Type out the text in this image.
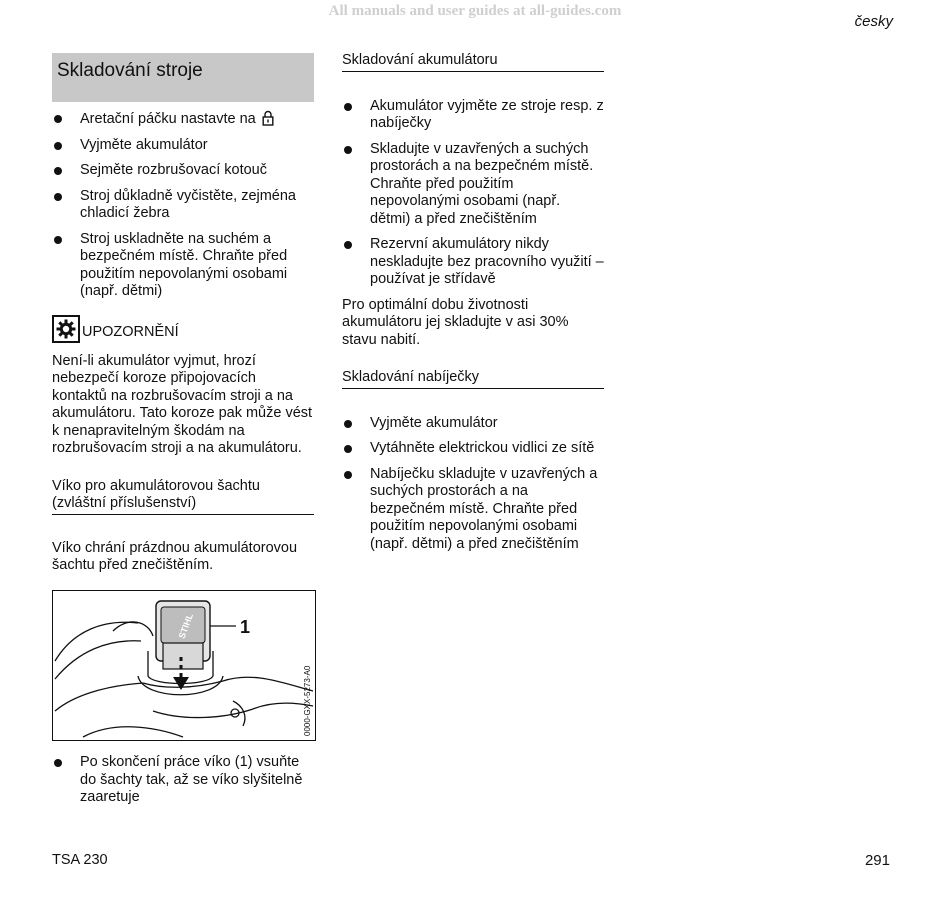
All manuals and user guides at all-guides.com
česky
Skladování stroje
Aretační páčku nastavte na
Vyjměte akumulátor
Sejměte rozbrušovací kotouč
Stroj důkladně vyčistěte, zejména chladicí žebra
Stroj uskladněte na suchém a bezpečném místě. Chraňte před použitím nepovolanými osobami (např. dětmi)
UPOZORNĚNÍ
Není-li akumulátor vyjmut, hrozí nebezpečí koroze připojovacích kontaktů na rozbrušovacím stroji a na akumulátoru. Tato koroze pak může vést k nenapravitelným škodám na rozbrušovacím stroji a na akumulátoru.
Víko pro akumulátorovou šachtu (zvláštní příslušenství)
Víko chrání prázdnou akumulátorovou šachtu před znečištěním.
STIHL	1
0000-GXX-5273-A0
Po skončení práce víko (1) vsuňte do šachty tak, až se víko slyšitelně zaaretuje
Skladování akumulátoru
Akumulátor vyjměte ze stroje resp. z nabíječky
Skladujte v uzavřených a suchých prostorách a na bezpečném místě. Chraňte před použitím nepovolanými osobami (např. dětmi) a před znečištěním
Rezervní akumulátory nikdy neskladujte bez pracovního využití – používat je střídavě
Pro optimální dobu životnosti akumulátoru jej skladujte v asi 30% stavu nabití.
Skladování nabíječky
Vyjměte akumulátor
Vytáhněte elektrickou vidlici ze sítě
Nabíječku skladujte v uzavřených a suchých prostorách a na bezpečném místě. Chraňte před použitím nepovolanými osobami (např. dětmi) a před znečištěním
TSA 230	291
